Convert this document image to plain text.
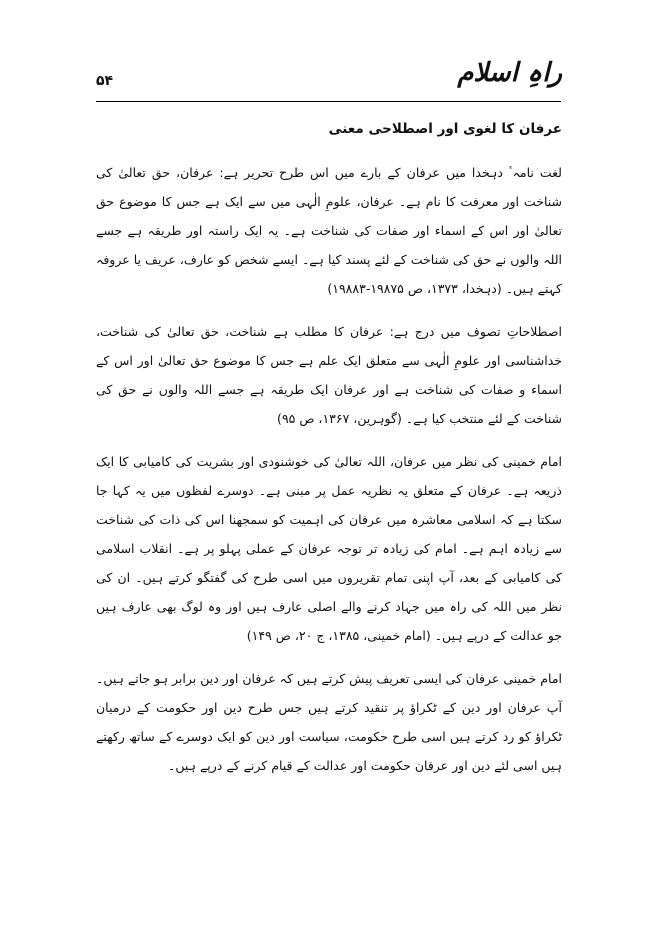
راہِ اسلام
۵۴
عرفان کا لغوی اور اصطلاحی معنی

لغت نامہٴ دہخدا میں عرفان کے بارے میں اس طرح تحریر ہے: عرفان، حق تعالیٰ کی شناخت اور معرفت کا نام ہے۔ عرفان، علومِ الٰہی میں سے ایک ہے جس کا موضوع حق تعالیٰ اور اس کے اسماء اور صفات کی شناخت ہے۔ یہ ایک راستہ اور طریقہ ہے جسے اللہ والوں نے حق کی شناخت کے لئے پسند کیا ہے۔ ایسے شخص کو عارف، عریف یا عروفہ کہتے ہیں۔ (دہخدا، ۱۳۷۳، ص ۱۹۸۷۵-۱۹۸۸۳)

اصطلاحاتِ تصوف میں درج ہے: عرفان کا مطلب ہے شناخت، حق تعالیٰ کی شناخت، خداشناسی اور علومِ الٰہی سے متعلق ایک علم ہے جس کا موضوع حق تعالیٰ اور اس کے اسماء و صفات کی شناخت ہے اور عرفان ایک طریقہ ہے جسے اللہ والوں نے حق کی شناخت کے لئے منتخب کیا ہے۔ (گوہرین، ۱۳۶۷، ص ۹۵)

امام خمینی کی نظر میں عرفان، اللہ تعالیٰ کی خوشنودی اور بشریت کی کامیابی کا ایک ذریعہ ہے۔ عرفان کے متعلق یہ نظریہ عمل پر مبنی ہے۔ دوسرے لفظوں میں یہ کہا جا سکتا ہے کہ اسلامی معاشرہ میں عرفان کی اہمیت کو سمجھنا اس کی ذات کی شناخت سے زیادہ اہم ہے۔ امام کی زیادہ تر توجہ عرفان کے عملی پہلو پر ہے۔ انقلاب اسلامی کی کامیابی کے بعد، آپ اپنی تمام تقریروں میں اسی طرح کی گفتگو کرتے ہیں۔ ان کی نظر میں اللہ کی راہ میں جہاد کرنے والے اصلی عارف ہیں اور وہ لوگ بھی عارف ہیں جو عدالت کے درپے ہیں۔ (امام خمینی، ۱۳۸۵، ج ۲۰، ص ۱۴۹)

امام خمینی عرفان کی ایسی تعریف پیش کرتے ہیں کہ عرفان اور دین برابر ہو جاتے ہیں۔ آپ عرفان اور دین کے ٹکراؤ پر تنقید کرتے ہیں جس طرح دین اور حکومت کے درمیان ٹکراؤ کو رد کرتے ہیں اسی طرح حکومت، سیاست اور دین کو ایک دوسرے کے ساتھ رکھتے ہیں اسی لئے دین اور عرفان حکومت اور عدالت کے قیام کرنے کے درپے ہیں۔
